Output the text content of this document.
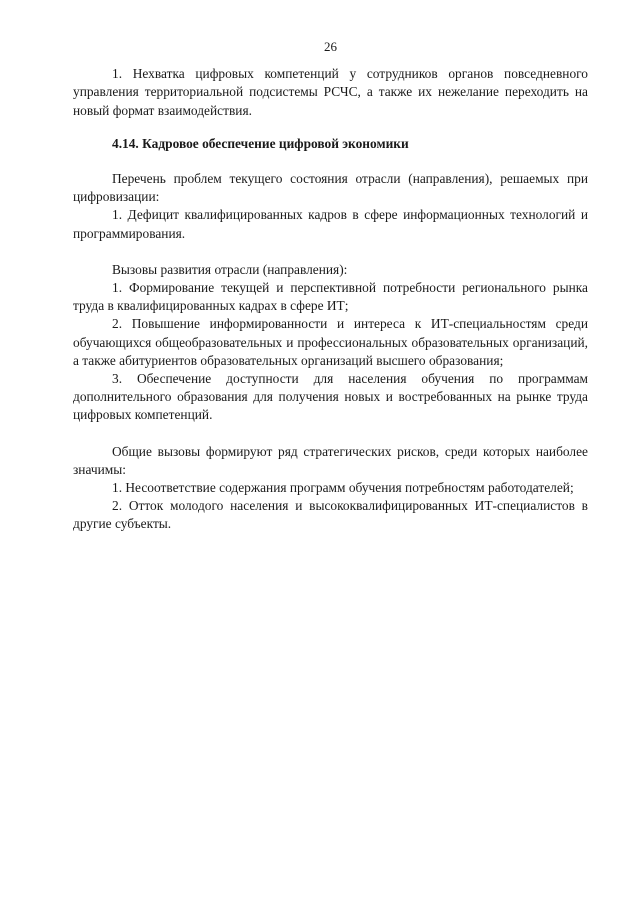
26

1. Нехватка цифровых компетенций у сотрудников органов повседневного управления территориальной подсистемы РСЧС, а также их нежелание переходить на новый формат взаимодействия.

4.14. Кадровое обеспечение цифровой экономики

Перечень проблем текущего состояния отрасли (направления), решаемых при цифровизации:

1. Дефицит квалифицированных кадров в сфере информационных технологий и программирования.

Вызовы развития отрасли (направления):

1. Формирование текущей и перспективной потребности регионального рынка труда в квалифицированных кадрах в сфере ИТ;

2. Повышение информированности и интереса к ИТ-специальностям среди обучающихся общеобразовательных и профессиональных образовательных организаций, а также абитуриентов образовательных организаций высшего образования;

3. Обеспечение доступности для населения обучения по программам дополнительного образования для получения новых и востребованных на рынке труда цифровых компетенций.

Общие вызовы формируют ряд стратегических рисков, среди которых наиболее значимы:

1. Несоответствие содержания программ обучения потребностям работодателей;

2. Отток молодого населения и высококвалифицированных ИТ-специалистов в другие субъекты.
